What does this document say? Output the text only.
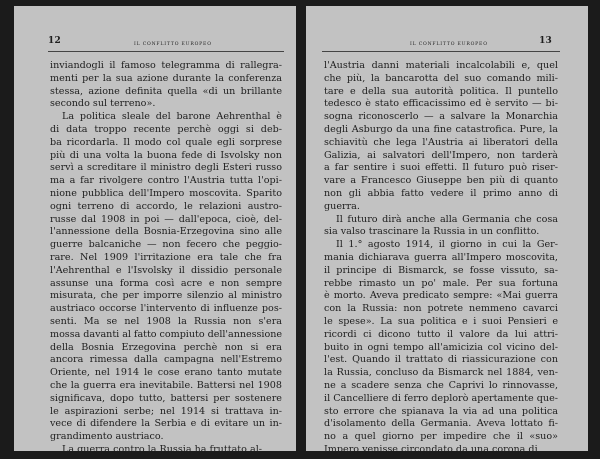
12	IL CONFLITTO EUROPEO
inviandogli il famoso telegramma di rallegra-
menti per la sua azione durante la conferenza
stessa, azione definita quella «di un brillante
secondo sul terreno».
La politica sleale del barone Aehrenthal è
di data troppo recente perchè oggi si deb-
ba ricordarla. Il modo col quale egli sorprese
più di una volta la buona fede di Isvolsky non
servì a screditare il ministro degli Esteri russo
ma a far rivolgere contro l'Austria tutta l'opi-
nione pubblica dell'Impero moscovita. Sparito
ogni terreno di accordo, le relazioni austro-
russe dal 1908 in poi — dall'epoca, cioè, del-
l'annessione della Bosnia-Erzegovina sino alle
guerre balcaniche — non fecero che peggio-
rare. Nel 1909 l'irritazione era tale che fra
l'Aehrenthal e l'Isvolsky il dissidio personale
assunse una forma così acre e non sempre
misurata, che per imporre silenzio al ministro
austriaco occorse l'intervento di influenze pos-
senti. Ma se nel 1908 la Russia non s'era
mossa davanti al fatto compiuto dell'annessione
della Bosnia Erzegovina perchè non si era
ancora rimessa dalla campagna nell'Estremo
Oriente, nel 1914 le cose erano tanto mutate
che la guerra era inevitabile. Battersi nel 1908
significava, dopo tutto, battersi per sostenere
le aspirazioni serbe; nel 1914 si trattava in-
vece di difendere la Serbia e di evitare un in-
grandimento austriaco.
La guerra contro la Russia ha fruttato al-
IL CONFLITTO EUROPEO	13
l'Austria danni materiali incalcolabili e, quel
che più, la bancarotta del suo comando mili-
tare e della sua autorità politica. Il puntello
tedesco è stato efficacissimo ed è servito — bi-
sogna riconoscerlo — a salvare la Monarchia
degli Asburgo da una fine catastrofica. Pure, la
schiavitù che lega l'Austria ai liberatori della
Galizia, ai salvatori dell'Impero, non tarderà
a far sentire i suoi effetti. Il futuro può riser-
vare a Francesco Giuseppe ben più di quanto
non gli abbia fatto vedere il primo anno di
guerra.
Il futuro dirà anche alla Germania che cosa
sia valso trascinare la Russia in un conflitto.
Il 1.° agosto 1914, il giorno in cui la Ger-
mania dichiarava guerra all'Impero moscovita,
il principe di Bismarck, se fosse vissuto, sa-
rebbe rimasto un po' male. Per sua fortuna
è morto. Aveva predicato sempre: «Mai guerra
con la Russia: non potrete nemmeno cavarci
le spese». La sua politica e i suoi Pensieri e
ricordi ci dicono tutto il valore da lui attri-
buito in ogni tempo all'amicizia col vicino del-
l'est. Quando il trattato di riassicurazione con
la Russia, concluso da Bismarck nel 1884, ven-
ne a scadere senza che Caprivi lo rinnovasse,
il Cancelliere di ferro deplorò apertamente que-
sto errore che spianava la via ad una politica
d'isolamento della Germania. Aveva lottato fi-
no a quel giorno per impedire che il «suo»
Impero venisse circondato da una corona di
